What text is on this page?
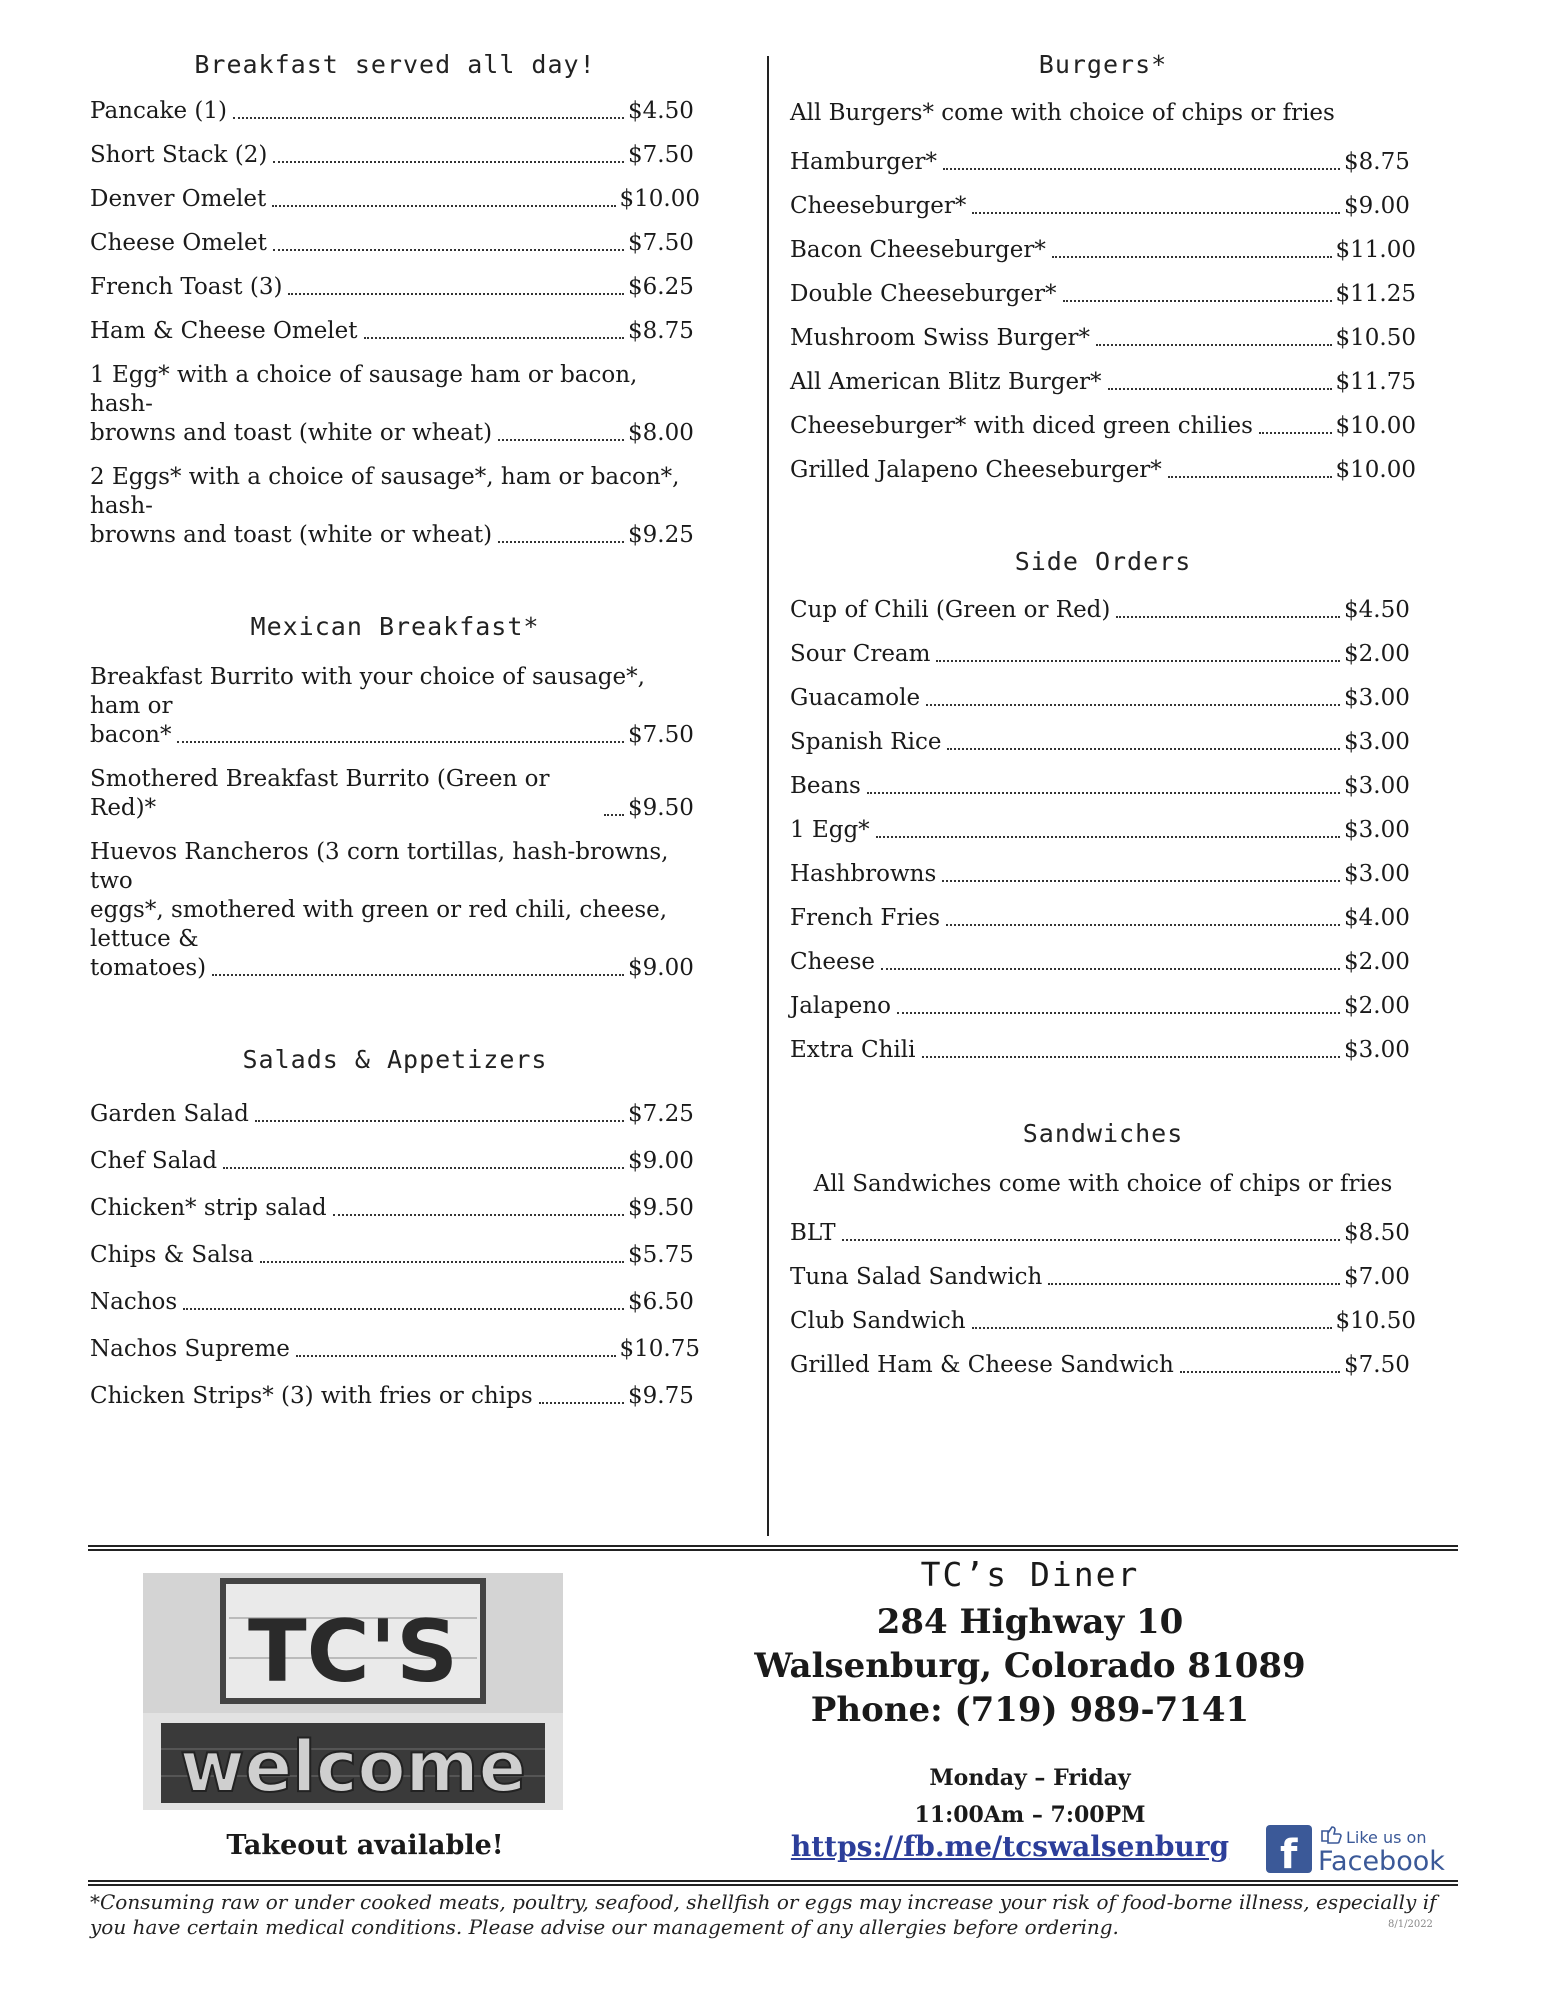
Breakfast served all day!
Pancake (1)	$4.50
Short Stack (2)	$7.50
Denver Omelet	$10.00
Cheese Omelet	$7.50
French Toast (3)	$6.25
Ham & Cheese Omelet	$8.75
1 Egg* with a choice of sausage ham or bacon, hash-
browns and toast (white or wheat)	$8.00
2 Eggs* with a choice of sausage*, ham or bacon*, hash-
browns and toast (white or wheat)	$9.25
Mexican Breakfast*
Breakfast Burrito with your choice of sausage*, ham or
bacon*	$7.50
Smothered Breakfast Burrito (Green or Red)*	$9.50
Huevos Rancheros (3 corn tortillas, hash-browns, two
eggs*, smothered with green or red chili, cheese, lettuce &
tomatoes)	$9.00
Salads & Appetizers
Garden Salad	$7.25
Chef Salad	$9.00
Chicken* strip salad	$9.50
Chips & Salsa	$5.75
Nachos	$6.50
Nachos Supreme	$10.75
Chicken Strips* (3) with fries or chips	$9.75
Burgers*
All Burgers* come with choice of chips or fries
Hamburger*	$8.75
Cheeseburger*	$9.00
Bacon Cheeseburger*	$11.00
Double Cheeseburger*	$11.25
Mushroom Swiss Burger*	$10.50
All American Blitz Burger*	$11.75
Cheeseburger* with diced green chilies	$10.00
Grilled Jalapeno Cheeseburger*	$10.00
Side Orders
Cup of Chili (Green or Red)	$4.50
Sour Cream	$2.00
Guacamole	$3.00
Spanish Rice	$3.00
Beans	$3.00
1 Egg*	$3.00
Hashbrowns	$3.00
French Fries	$4.00
Cheese	$2.00
Jalapeno	$2.00
Extra Chili	$3.00
Sandwiches
All Sandwiches come with choice of chips or fries
BLT	$8.50
Tuna Salad Sandwich	$7.00
Club Sandwich	$10.50
Grilled Ham & Cheese Sandwich	$7.50
TC'S
welcome
Takeout available!
TC’s Diner
284 Highway 10
Walsenburg, Colorado 81089
Phone: (719) 989-7141
Monday – Friday
11:00Am – 7:00PM
https://fb.me/tcswalsenburg	f	Like us on
Facebook
*Consuming raw or under cooked meats, poultry, seafood, shellfish or eggs may increase your risk of food-borne illness, especially if
you have certain medical conditions. Please advise our management of any allergies before ordering.	8/1/2022
